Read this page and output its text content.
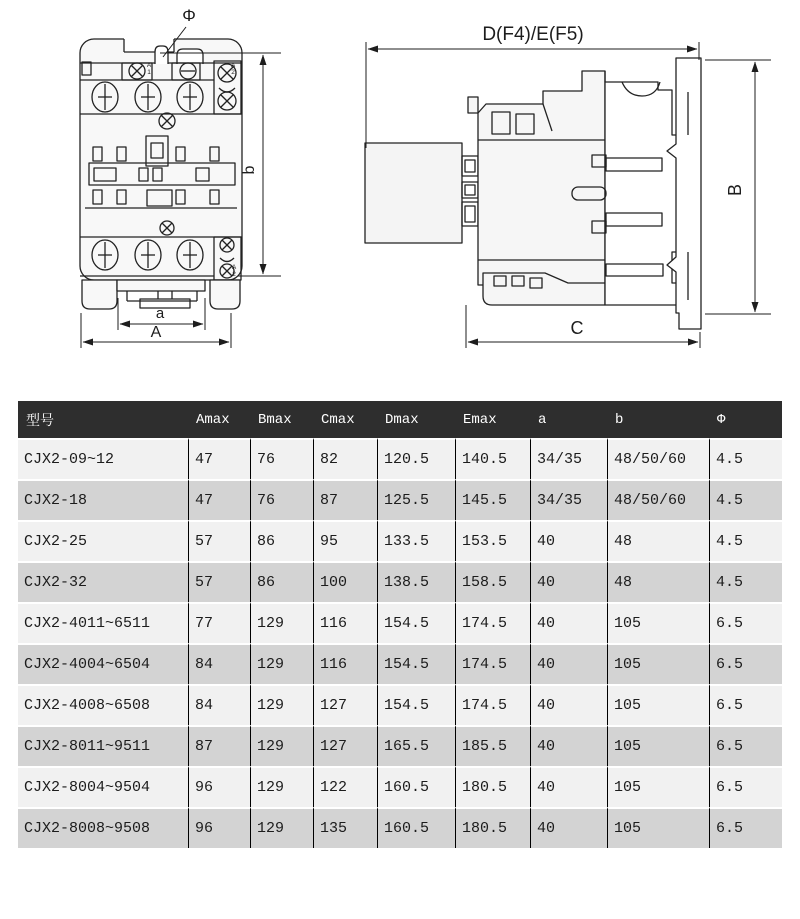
Φ
b
a
A
A1	A2
A2
D(F4)/E(F5)
B
C
型号	Amax	Bmax	Cmax	Dmax	Emax	a	b	Φ
CJX2-09~12	47	76	82	120.5	140.5	34/35	48/50/60	4.5
CJX2-18	47	76	87	125.5	145.5	34/35	48/50/60	4.5
CJX2-25	57	86	95	133.5	153.5	40	48	4.5
CJX2-32	57	86	100	138.5	158.5	40	48	4.5
CJX2-4011~6511	77	129	116	154.5	174.5	40	105	6.5
CJX2-4004~6504	84	129	116	154.5	174.5	40	105	6.5
CJX2-4008~6508	84	129	127	154.5	174.5	40	105	6.5
CJX2-8011~9511	87	129	127	165.5	185.5	40	105	6.5
CJX2-8004~9504	96	129	122	160.5	180.5	40	105	6.5
CJX2-8008~9508	96	129	135	160.5	180.5	40	105	6.5
